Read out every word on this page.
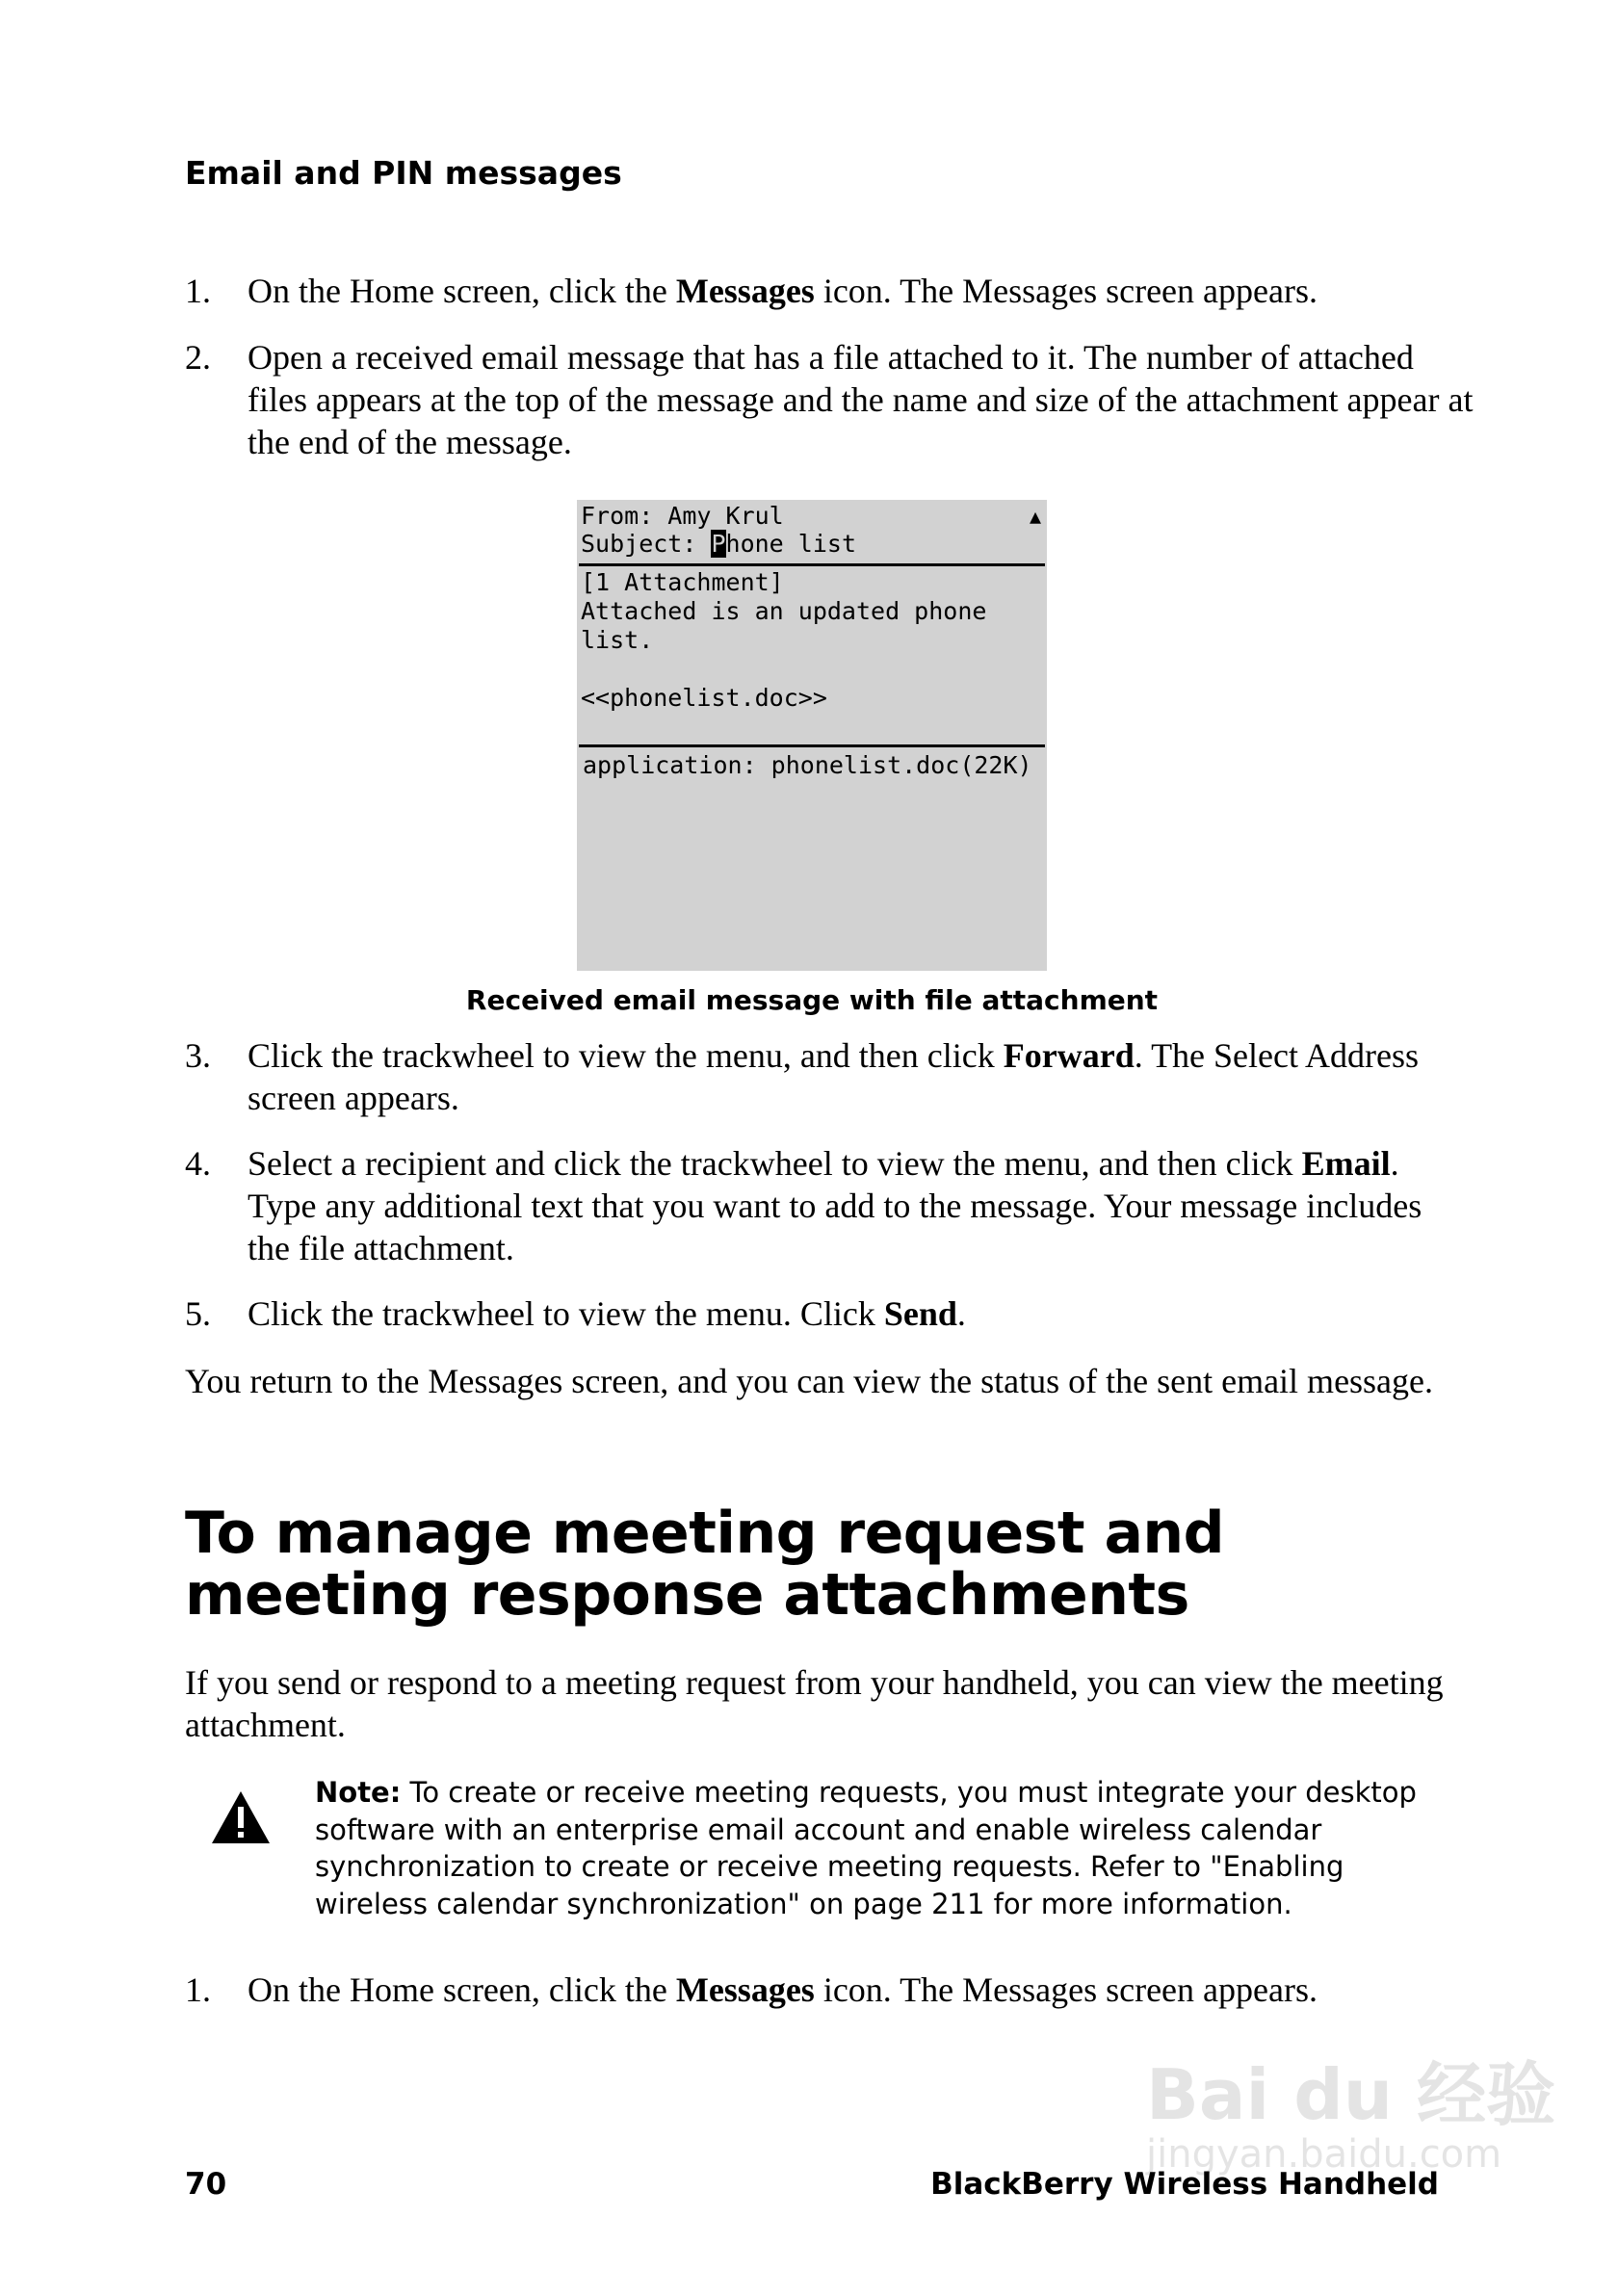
Email and PIN messages
1. On the Home screen, click the Messages icon. The Messages screen appears.
2. Open a received email message that has a file attached to it. The number of attached files appears at the top of the message and the name and size of the attachment appear at the end of the message.
From: Amy Krul	▲
Subject: Phone list
[1 Attachment]
Attached is an updated phone
list.
<<phonelist.doc>>
application: phonelist.doc(22K)
Received email message with file attachment
3. Click the trackwheel to view the menu, and then click Forward. The Select Address screen appears.
4. Select a recipient and click the trackwheel to view the menu, and then click Email. Type any additional text that you want to add to the message. Your message includes the file attachment.
5. Click the trackwheel to view the menu. Click Send.
You return to the Messages screen, and you can view the status of the sent email message.
To manage meeting request and meeting response attachments
If you send or respond to a meeting request from your handheld, you can view the meeting attachment.
Note: To create or receive meeting requests, you must integrate your desktop software with an enterprise email account and enable wireless calendar synchronization to create or receive meeting requests. Refer to "Enabling wireless calendar synchronization" on page 211 for more information.
1. On the Home screen, click the Messages icon. The Messages screen appears.
Bai du 经验
jingyan.baidu.com
70	BlackBerry Wireless Handheld
